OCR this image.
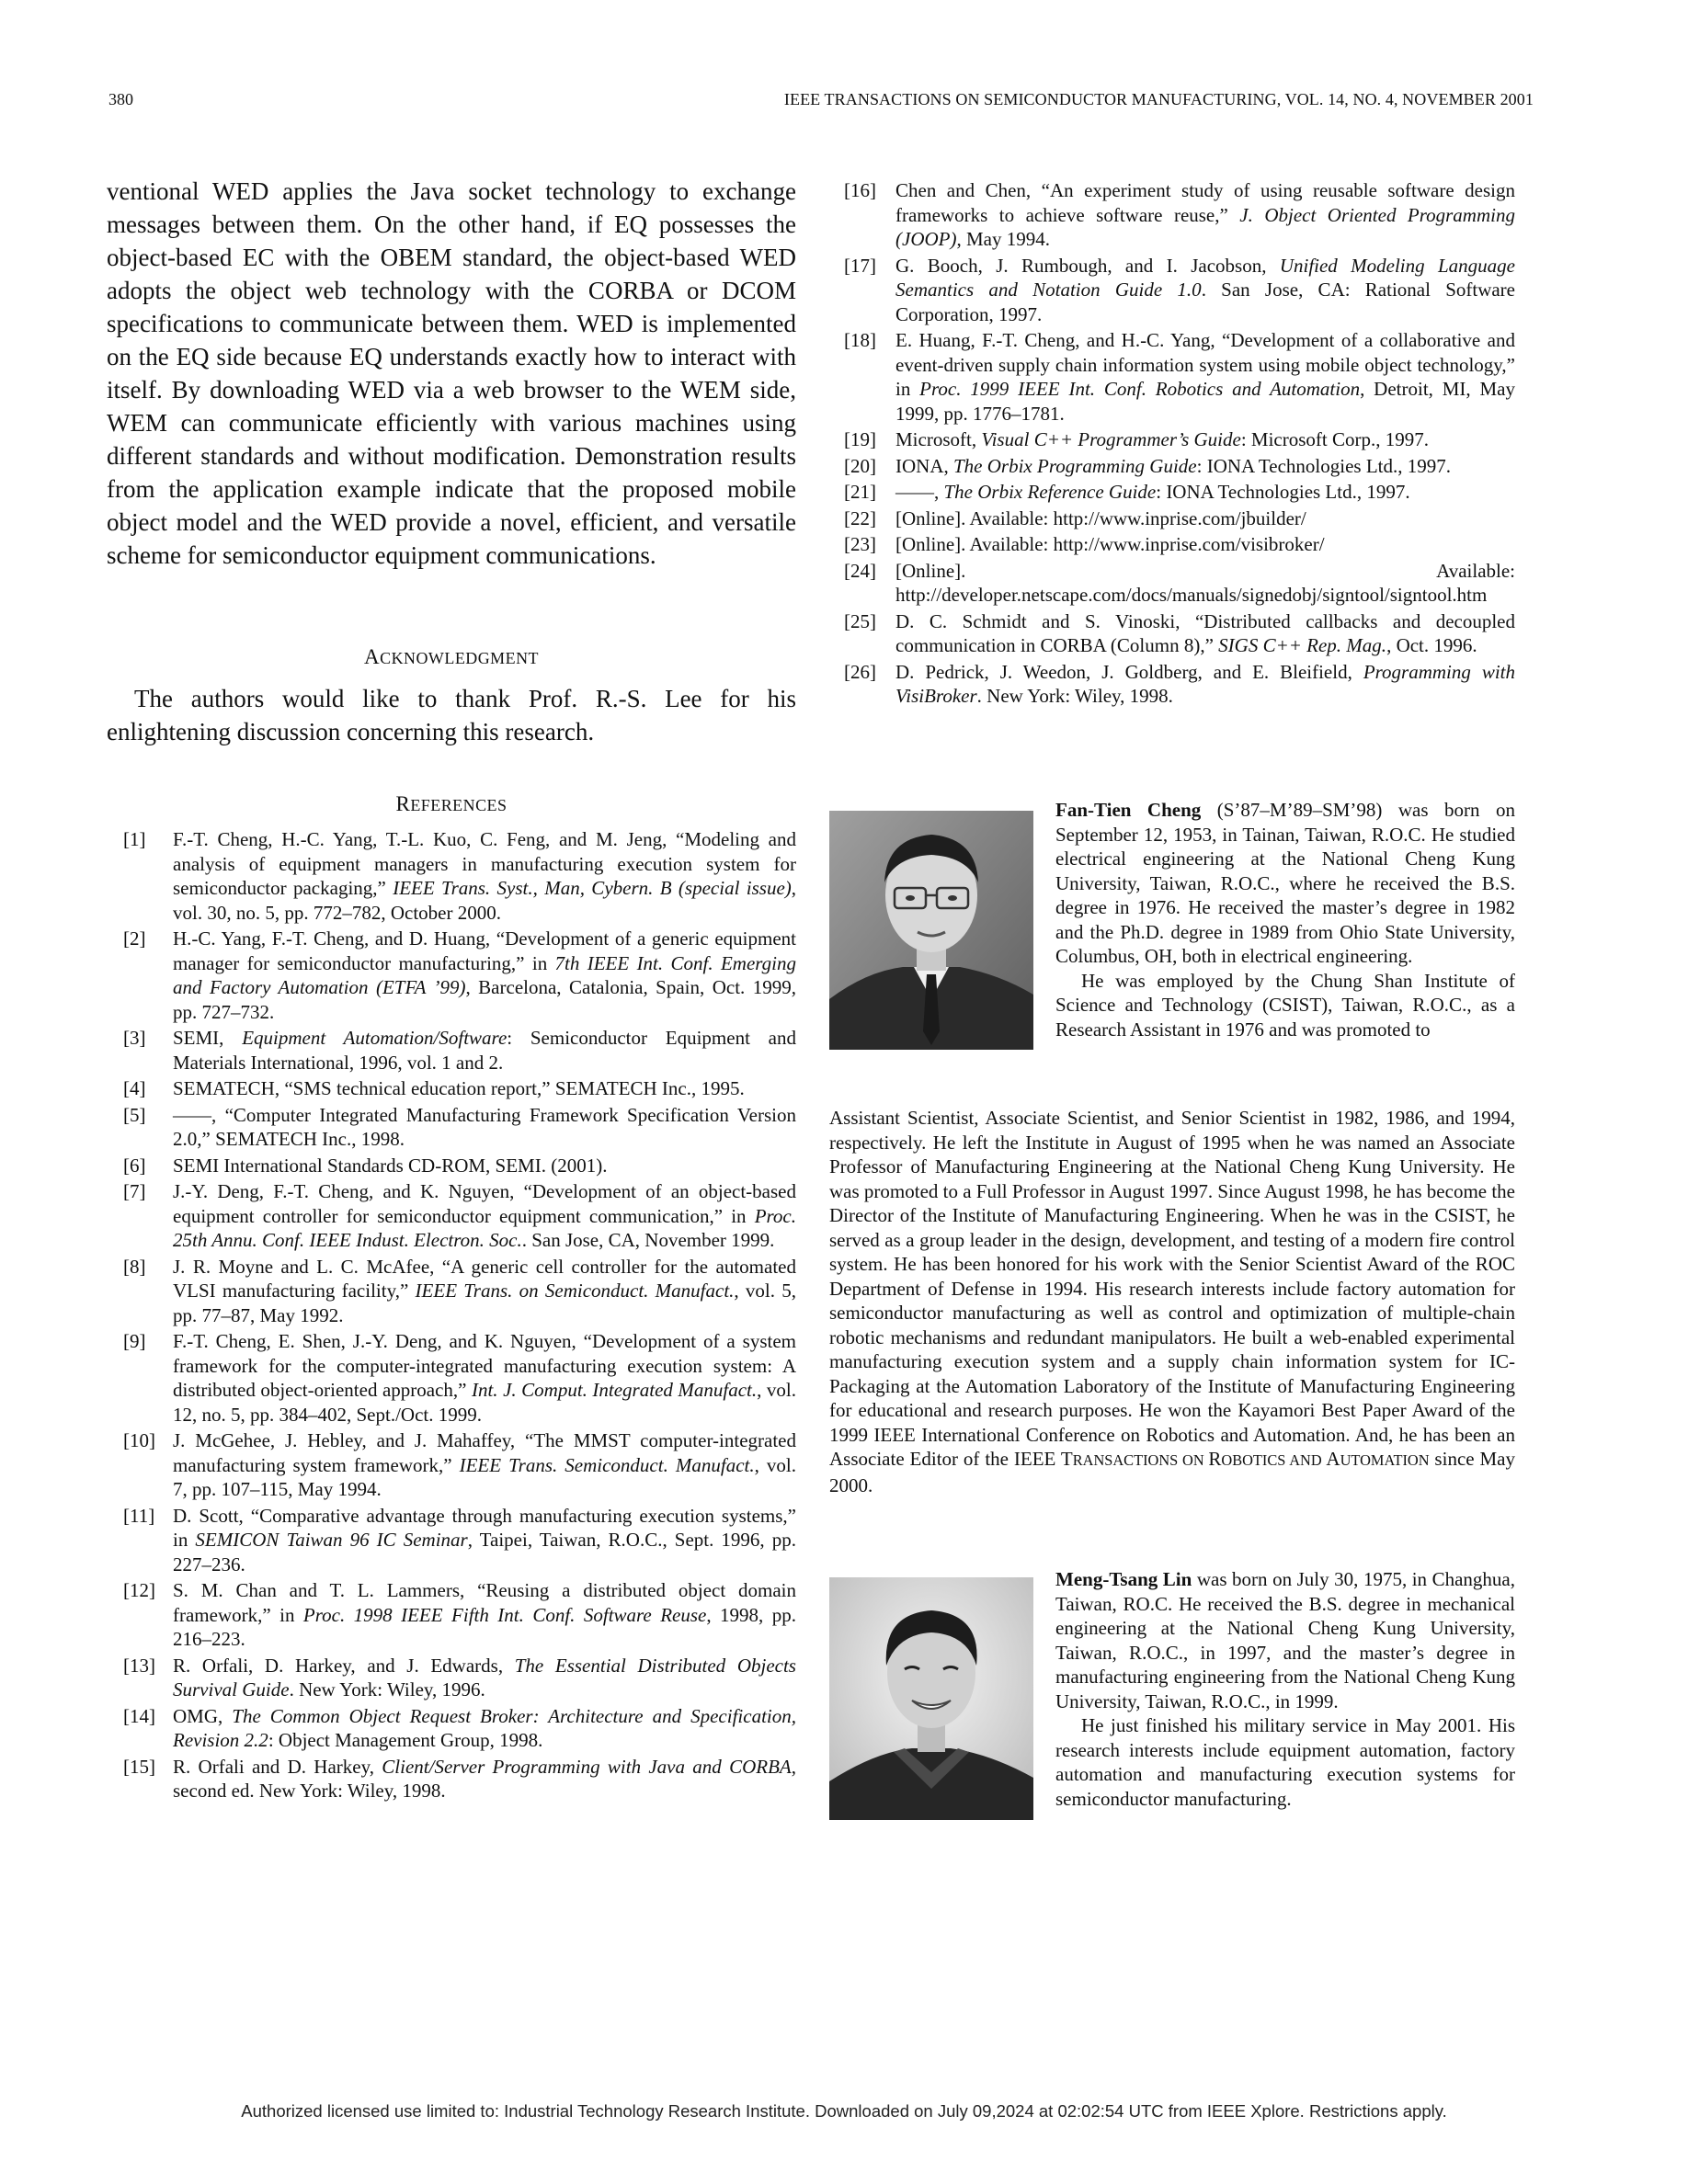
380	IEEE TRANSACTIONS ON SEMICONDUCTOR MANUFACTURING, VOL. 14, NO. 4, NOVEMBER 2001
ventional WED applies the Java socket technology to exchange messages between them. On the other hand, if EQ possesses the object-based EC with the OBEM standard, the object-based WED adopts the object web technology with the CORBA or DCOM specifications to communicate between them. WED is implemented on the EQ side because EQ understands exactly how to interact with itself. By downloading WED via a web browser to the WEM side, WEM can communicate efficiently with various machines using different standards and without modification. Demonstration results from the application example indicate that the proposed mobile object model and the WED provide a novel, efficient, and versatile scheme for semiconductor equipment communications.
ACKNOWLEDGMENT
The authors would like to thank Prof. R.-S. Lee for his enlightening discussion concerning this research.
REFERENCES
[1] F.-T. Cheng, H.-C. Yang, T.-L. Kuo, C. Feng, and M. Jeng, “Modeling and analysis of equipment managers in manufacturing execution system for semiconductor packaging,” IEEE Trans. Syst., Man, Cybern. B (special issue), vol. 30, no. 5, pp. 772–782, October 2000.
[2] H.-C. Yang, F.-T. Cheng, and D. Huang, “Development of a generic equipment manager for semiconductor manufacturing,” in 7th IEEE Int. Conf. Emerging and Factory Automation (ETFA ’99), Barcelona, Catalonia, Spain, Oct. 1999, pp. 727–732.
[3] SEMI, Equipment Automation/Software: Semiconductor Equipment and Materials International, 1996, vol. 1 and 2.
[4] SEMATECH, “SMS technical education report,” SEMATECH Inc., 1995.
[5] ——, “Computer Integrated Manufacturing Framework Specification Version 2.0,” SEMATECH Inc., 1998.
[6] SEMI International Standards CD-ROM, SEMI. (2001).
[7] J.-Y. Deng, F.-T. Cheng, and K. Nguyen, “Development of an object-based equipment controller for semiconductor equipment communication,” in Proc. 25th Annu. Conf. IEEE Indust. Electron. Soc.. San Jose, CA, November 1999.
[8] J. R. Moyne and L. C. McAfee, “A generic cell controller for the automated VLSI manufacturing facility,” IEEE Trans. on Semiconduct. Manufact., vol. 5, pp. 77–87, May 1992.
[9] F.-T. Cheng, E. Shen, J.-Y. Deng, and K. Nguyen, “Development of a system framework for the computer-integrated manufacturing execution system: A distributed object-oriented approach,” Int. J. Comput. Integrated Manufact., vol. 12, no. 5, pp. 384–402, Sept./Oct. 1999.
[10] J. McGehee, J. Hebley, and J. Mahaffey, “The MMST computer-integrated manufacturing system framework,” IEEE Trans. Semiconduct. Manufact., vol. 7, pp. 107–115, May 1994.
[11] D. Scott, “Comparative advantage through manufacturing execution systems,” in SEMICON Taiwan 96 IC Seminar, Taipei, Taiwan, R.O.C., Sept. 1996, pp. 227–236.
[12] S. M. Chan and T. L. Lammers, “Reusing a distributed object domain framework,” in Proc. 1998 IEEE Fifth Int. Conf. Software Reuse, 1998, pp. 216–223.
[13] R. Orfali, D. Harkey, and J. Edwards, The Essential Distributed Objects Survival Guide. New York: Wiley, 1996.
[14] OMG, The Common Object Request Broker: Architecture and Specification, Revision 2.2: Object Management Group, 1998.
[15] R. Orfali and D. Harkey, Client/Server Programming with Java and CORBA, second ed. New York: Wiley, 1998.
[16] Chen and Chen, “An experiment study of using reusable software design frameworks to achieve software reuse,” J. Object Oriented Programming (JOOP), May 1994.
[17] G. Booch, J. Rumbough, and I. Jacobson, Unified Modeling Language Semantics and Notation Guide 1.0. San Jose, CA: Rational Software Corporation, 1997.
[18] E. Huang, F.-T. Cheng, and H.-C. Yang, “Development of a collaborative and event-driven supply chain information system using mobile object technology,” in Proc. 1999 IEEE Int. Conf. Robotics and Automation, Detroit, MI, May 1999, pp. 1776–1781.
[19] Microsoft, Visual C++ Programmer’s Guide: Microsoft Corp., 1997.
[20] IONA, The Orbix Programming Guide: IONA Technologies Ltd., 1997.
[21] ——, The Orbix Reference Guide: IONA Technologies Ltd., 1997.
[22] [Online]. Available: http://www.inprise.com/jbuilder/
[23] [Online]. Available: http://www.inprise.com/visibroker/
[24] [Online]. Available: http://developer.netscape.com/docs/manuals/signedobj/signtool/signtool.htm
[25] D. C. Schmidt and S. Vinoski, “Distributed callbacks and decoupled communication in CORBA (Column 8),” SIGS C++ Rep. Mag., Oct. 1996.
[26] D. Pedrick, J. Weedon, J. Goldberg, and E. Bleifield, Programming with VisiBroker. New York: Wiley, 1998.

Fan-Tien Cheng (S’87–M’89–SM’98) was born on September 12, 1953, in Tainan, Taiwan, R.O.C. He studied electrical engineering at the National Cheng Kung University, Taiwan, R.O.C., where he received the B.S. degree in 1976. He received the master’s degree in 1982 and the Ph.D. degree in 1989 from Ohio State University, Columbus, OH, both in electrical engineering.

He was employed by the Chung Shan Institute of Science and Technology (CSIST), Taiwan, R.O.C., as a Research Assistant in 1976 and was promoted to

Assistant Scientist, Associate Scientist, and Senior Scientist in 1982, 1986, and 1994, respectively. He left the Institute in August of 1995 when he was named an Associate Professor of Manufacturing Engineering at the National Cheng Kung University. He was promoted to a Full Professor in August 1997. Since August 1998, he has become the Director of the Institute of Manufacturing Engineering. When he was in the CSIST, he served as a group leader in the design, development, and testing of a modern fire control system. He has been honored for his work with the Senior Scientist Award of the ROC Department of Defense in 1994. His research interests include factory automation for semiconductor manufacturing as well as control and optimization of multiple-chain robotic mechanisms and redundant manipulators. He built a web-enabled experimental manufacturing execution system and a supply chain information system for IC-Packaging at the Automation Laboratory of the Institute of Manufacturing Engineering for educational and research purposes. He won the Kayamori Best Paper Award of the 1999 IEEE International Conference on Robotics and Automation. And, he has been an Associate Editor of the IEEE TRANSACTIONS ON ROBOTICS AND AUTOMATION since May 2000.

Meng-Tsang Lin was born on July 30, 1975, in Changhua, Taiwan, RO.C. He received the B.S. degree in mechanical engineering at the National Cheng Kung University, Taiwan, R.O.C., in 1997, and the master’s degree in manufacturing engineering from the National Cheng Kung University, Taiwan, R.O.C., in 1999.

He just finished his military service in May 2001. His research interests include equipment automation, factory automation and manufacturing execution systems for semiconductor manufacturing.

Authorized licensed use limited to: Industrial Technology Research Institute. Downloaded on July 09,2024 at 02:02:54 UTC from IEEE Xplore. Restrictions apply.
